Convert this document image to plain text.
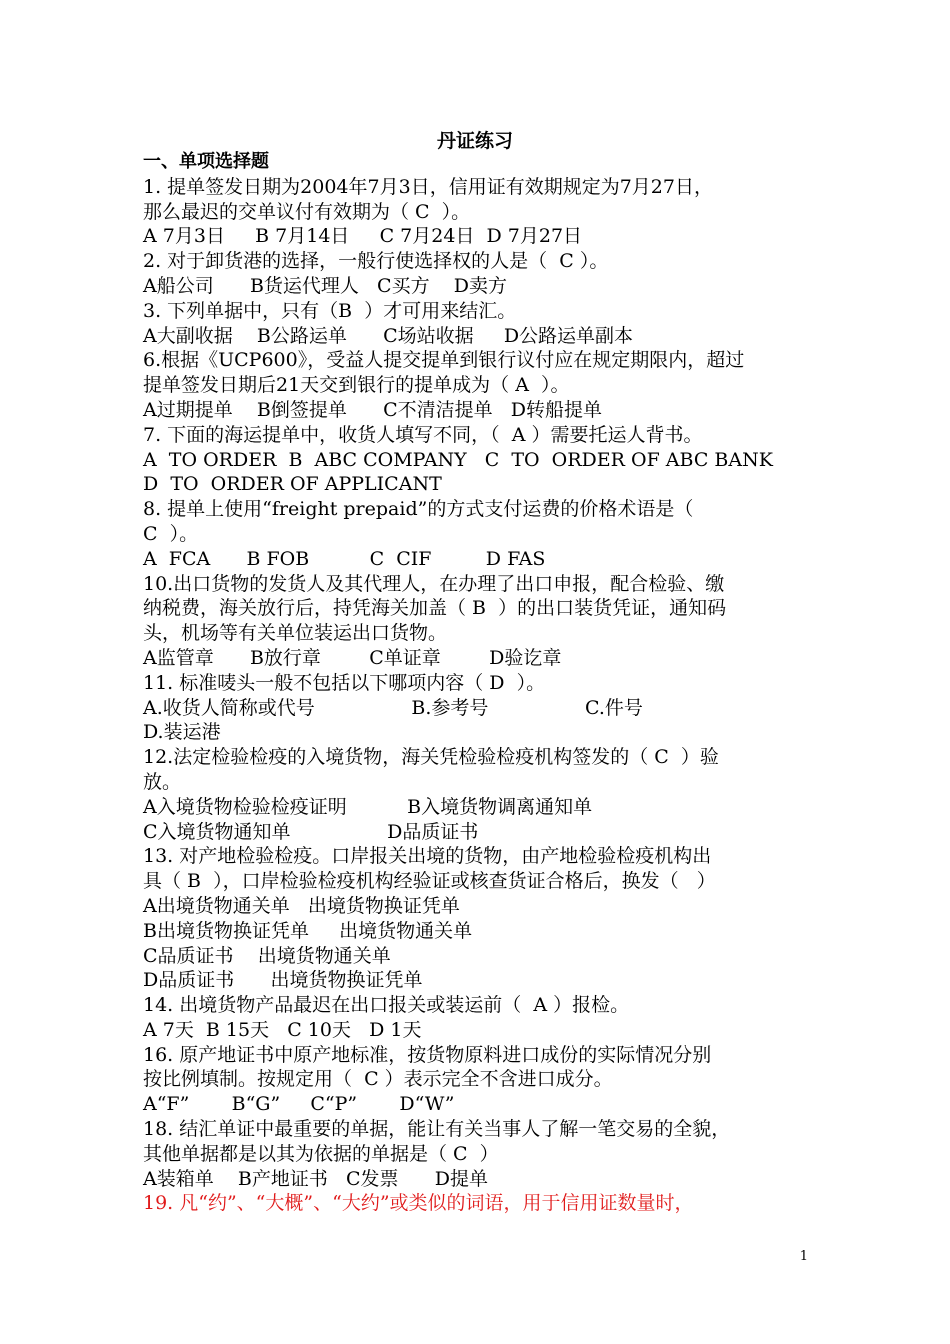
丹证练习
一、单项选择题
1. 提单签发日期为2004年7月3日，信用证有效期规定为7月27日，
那么最迟的交单议付有效期为（ C  ）。
A 7月3日     B 7月14日     C 7月24日  D 7月27日
2. 对于卸货港的选择，一般行使选择权的人是（  C ）。
A船公司      B货运代理人   C买方    D卖方
3. 下列单据中，只有（B  ）才可用来结汇。
A大副收据    B公路运单      C场站收据     D公路运单副本
6.根据《UCP600》，受益人提交提单到银行议付应在规定期限内，超过
提单签发日期后21天交到银行的提单成为（ A  ）。
A过期提单    B倒签提单      C不清洁提单   D转船提单
7. 下面的海运提单中，收货人填写不同，（  A ）需要托运人背书。
A  TO ORDER  B  ABC COMPANY   C  TO  ORDER OF ABC BANK
D  TO  ORDER OF APPLICANT
8. 提单上使用“freight prepaid”的方式支付运费的价格术语是（
C  ）。
A  FCA      B FOB          C  CIF         D FAS
10.出口货物的发货人及其代理人，在办理了出口申报，配合检验、缴
纳税费，海关放行后，持凭海关加盖（ B  ）的出口装货凭证，通知码
头，机场等有关单位装运出口货物。
A监管章      B放行章        C单证章        D验讫章
11. 标准唛头一般不包括以下哪项内容（ D  ）。
A.收货人简称或代号                B.参考号                C.件号
D.装运港
12.法定检验检疫的入境货物，海关凭检验检疫机构签发的（ C  ）验
放。
A入境货物检验检疫证明          B入境货物调离通知单
C入境货物通知单                D品质证书
13. 对产地检验检疫。口岸报关出境的货物，由产地检验检疫机构出
具（ B  ），口岸检验检疫机构经验证或核查货证合格后，换发（   ）
A出境货物通关单   出境货物换证凭单
B出境货物换证凭单     出境货物通关单
C品质证书    出境货物通关单
D品质证书      出境货物换证凭单
14. 出境货物产品最迟在出口报关或装运前（  A ）报检。
A 7天  B 15天   C 10天   D 1天
16. 原产地证书中原产地标准，按货物原料进口成份的实际情况分别
按比例填制。按规定用（  C ）表示完全不含进口成分。
A“F”       B“G”     C“P”       D“W”
18. 结汇单证中最重要的单据，能让有关当事人了解一笔交易的全貌，
其他单据都是以其为依据的单据是（ C  ）
A装箱单    B产地证书   C发票      D提单
19. 凡“约”、“大概”、“大约”或类似的词语，用于信用证数量时，
1
